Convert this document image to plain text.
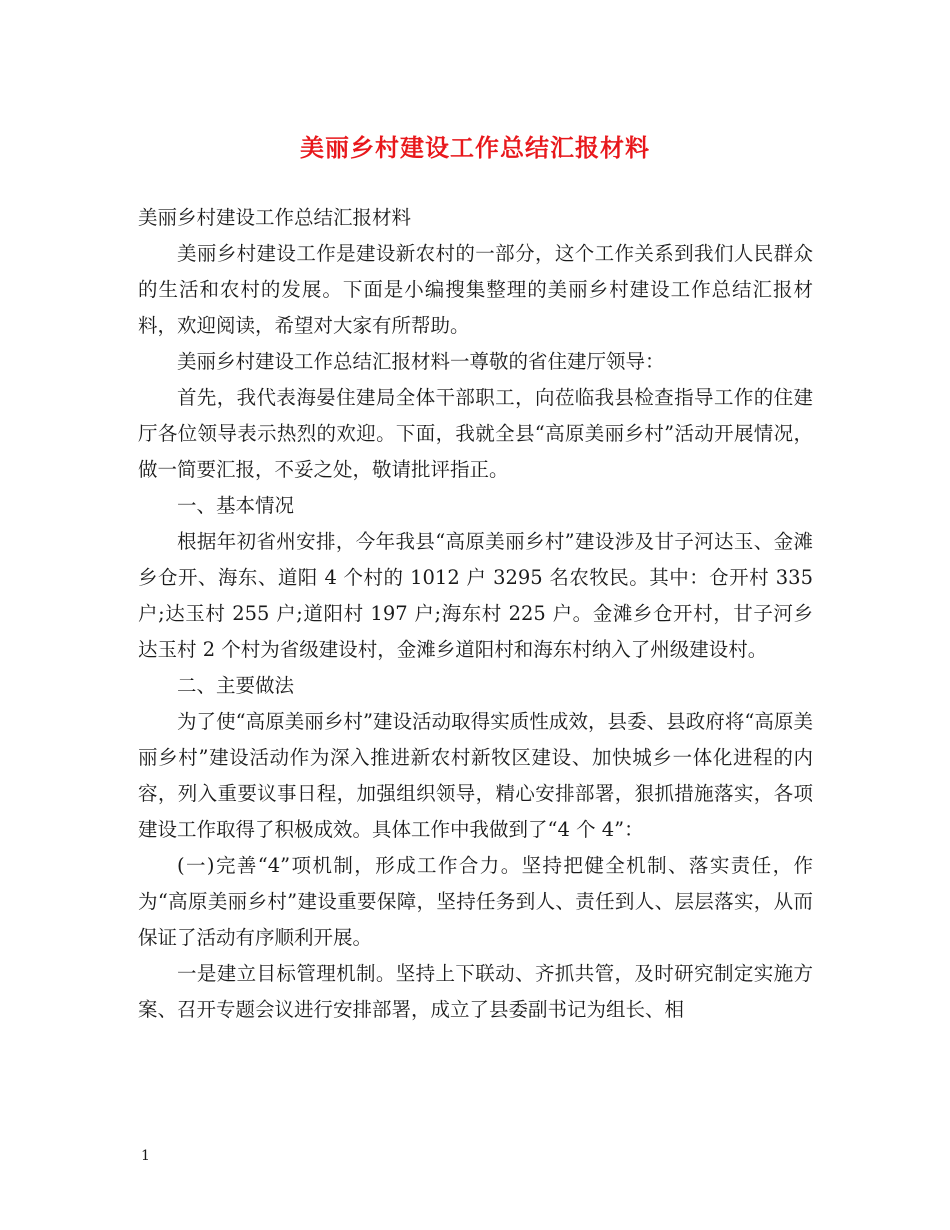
美丽乡村建设工作总结汇报材料

美丽乡村建设工作总结汇报材料

美丽乡村建设工作是建设新农村的一部分，这个工作关系到我们人民群众的生活和农村的发展。下面是小编搜集整理的美丽乡村建设工作总结汇报材料，欢迎阅读，希望对大家有所帮助。

美丽乡村建设工作总结汇报材料一尊敬的省住建厅领导：

首先，我代表海晏住建局全体干部职工，向莅临我县检查指导工作的住建厅各位领导表示热烈的欢迎。下面，我就全县“高原美丽乡村”活动开展情况，做一简要汇报，不妥之处，敬请批评指正。

一、基本情况

根据年初省州安排，今年我县“高原美丽乡村”建设涉及甘子河达玉、金滩乡仓开、海东、道阳 4 个村的 1012 户 3295 名农牧民。其中：仓开村 335 户;达玉村 255 户;道阳村 197 户;海东村 225 户。金滩乡仓开村，甘子河乡达玉村 2 个村为省级建设村，金滩乡道阳村和海东村纳入了州级建设村。

二、主要做法

为了使“高原美丽乡村”建设活动取得实质性成效，县委、县政府将“高原美丽乡村”建设活动作为深入推进新农村新牧区建设、加快城乡一体化进程的内容，列入重要议事日程，加强组织领导，精心安排部署，狠抓措施落实，各项建设工作取得了积极成效。具体工作中我做到了“4 个 4”：

(一)完善“4”项机制，形成工作合力。坚持把健全机制、落实责任，作为“高原美丽乡村”建设重要保障，坚持任务到人、责任到人、层层落实，从而保证了活动有序顺利开展。

一是建立目标管理机制。坚持上下联动、齐抓共管，及时研究制定实施方案、召开专题会议进行安排部署，成立了县委副书记为组长、相

1
